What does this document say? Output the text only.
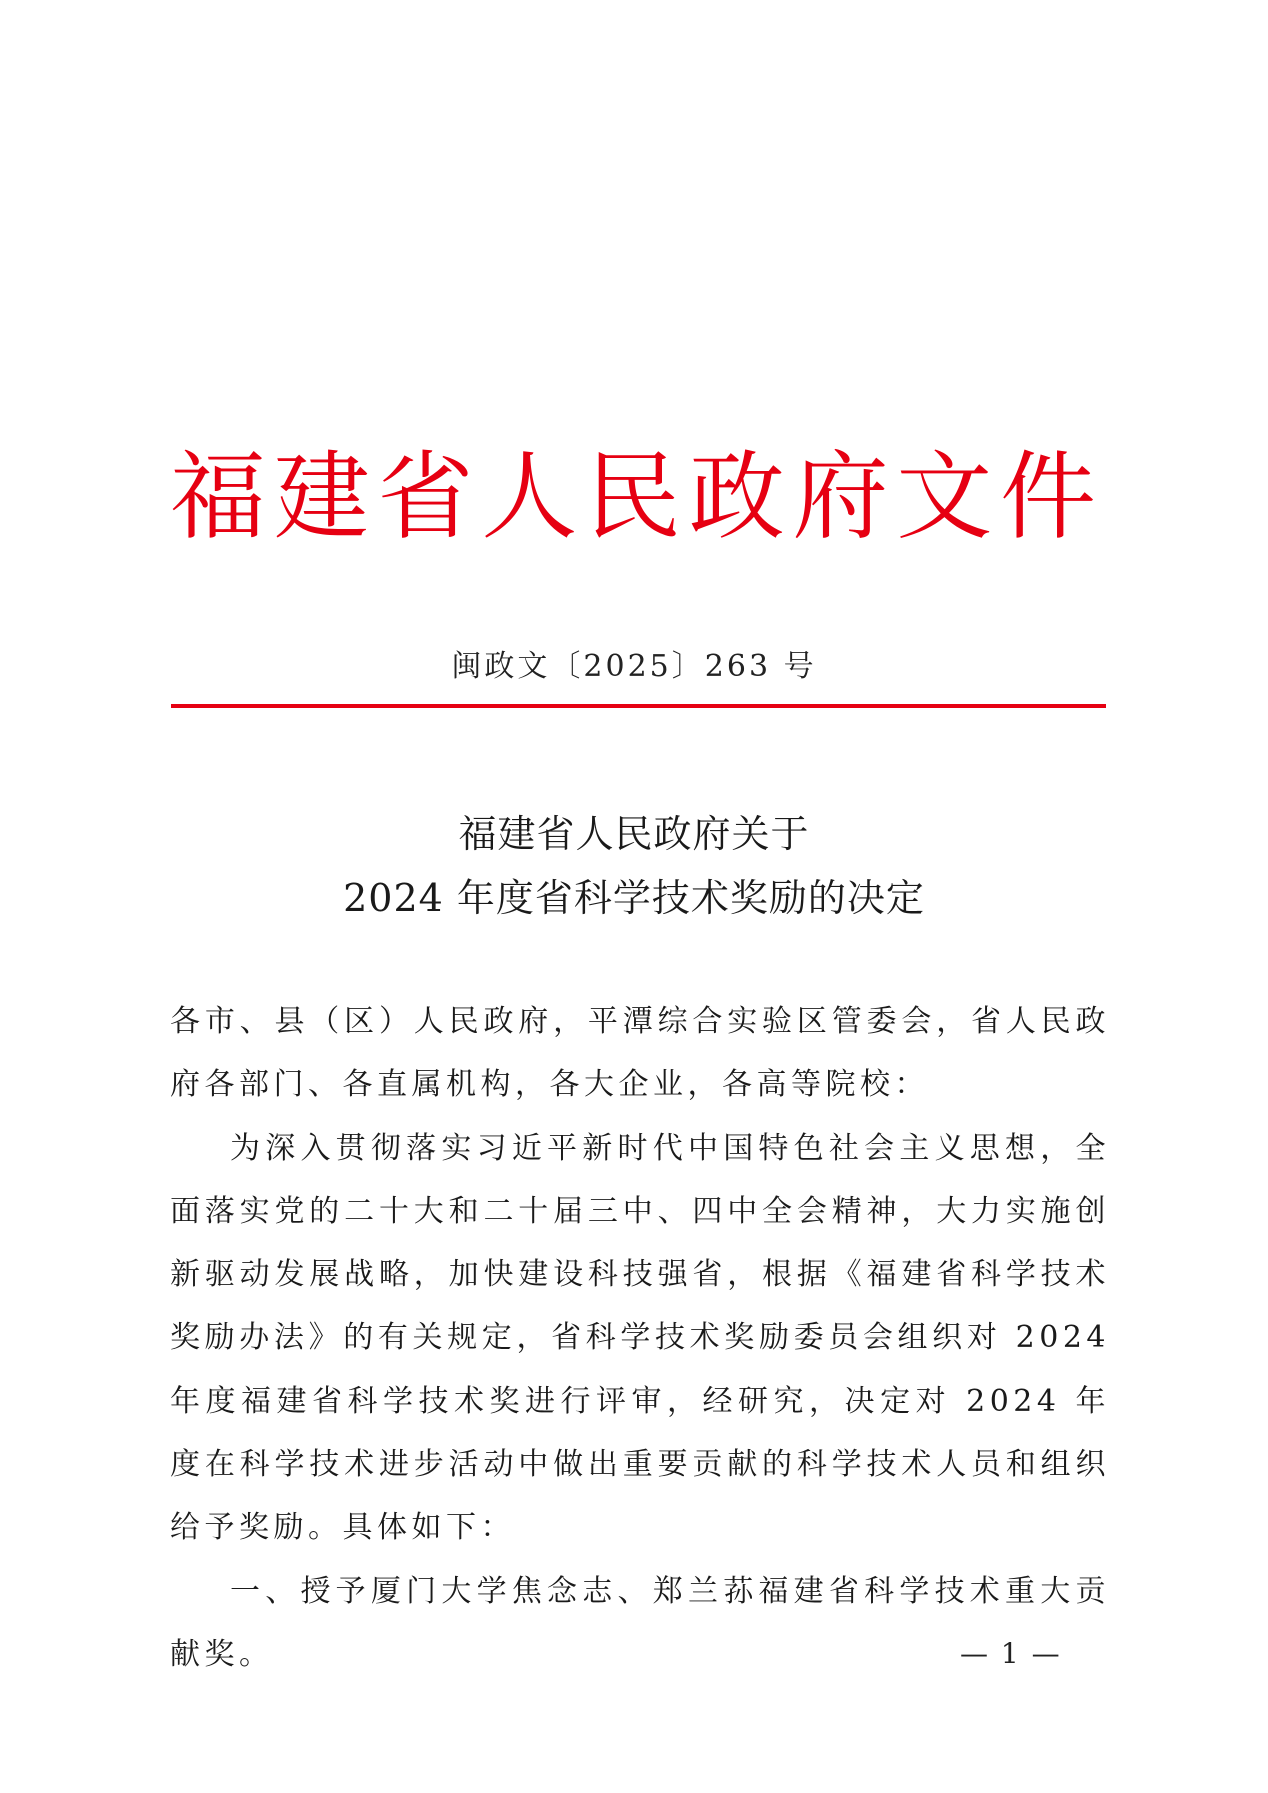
福建省人民政府文件
闽政文〔2025〕263 号
福建省人民政府关于
2024 年度省科学技术奖励的决定

各市、县（区）人民政府，平潭综合实验区管委会，省人民政府各部门、各直属机构，各大企业，各高等院校：

为深入贯彻落实习近平新时代中国特色社会主义思想，全面落实党的二十大和二十届三中、四中全会精神，大力实施创新驱动发展战略，加快建设科技强省，根据《福建省科学技术奖励办法》的有关规定，省科学技术奖励委员会组织对 2024 年度福建省科学技术奖进行评审，经研究，决定对 2024 年度在科学技术进步活动中做出重要贡献的科学技术人员和组织给予奖励。具体如下：

一、授予厦门大学焦念志、郑兰荪福建省科学技术重大贡献奖。	— 1 —
